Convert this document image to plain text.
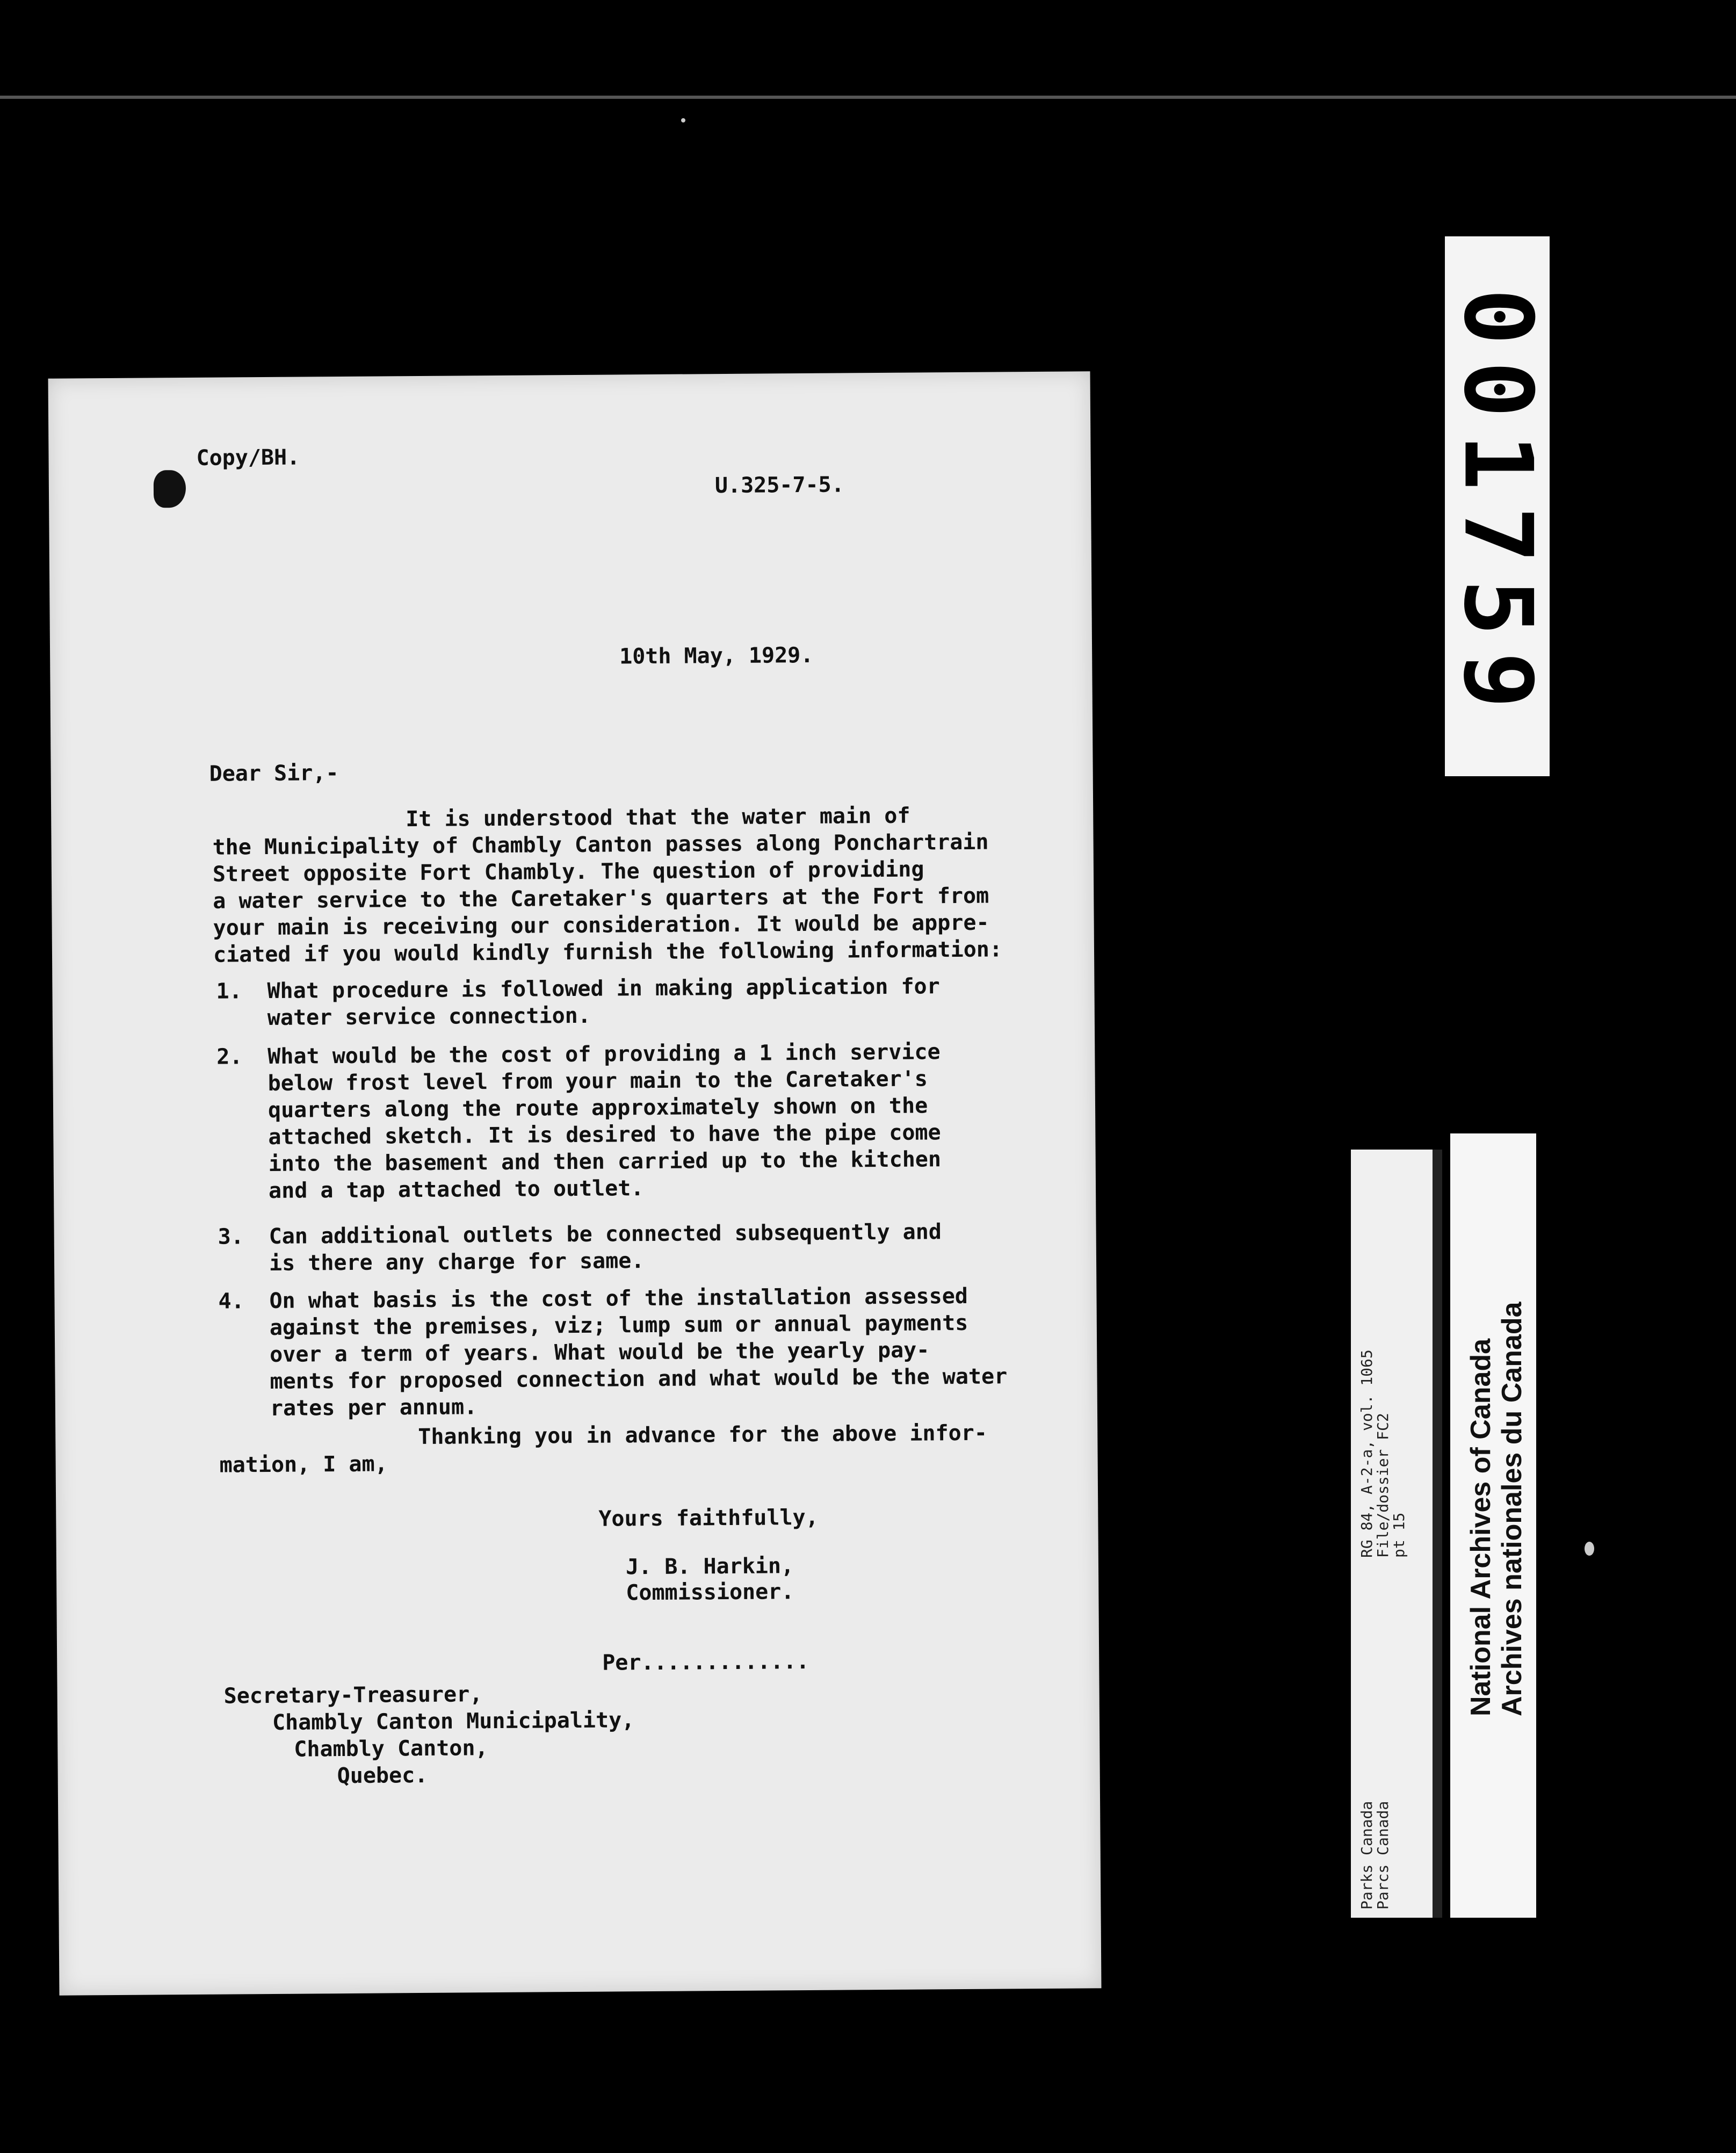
Copy/BH.
U.325-7-5.
10th May, 1929.
Dear Sir,-
It is understood that the water main of
the Municipality of Chambly Canton passes along Ponchartrain
Street opposite Fort Chambly. The question of providing
a water service to the Caretaker's quarters at the Fort from
your main is receiving our consideration. It would be appre-
ciated if you would kindly furnish the following information:
1. What procedure is followed in making application for
water service connection.
2. What would be the cost of providing a 1 inch service
below frost level from your main to the Caretaker's
quarters along the route approximately shown on the
attached sketch. It is desired to have the pipe come
into the basement and then carried up to the kitchen
and a tap attached to outlet.
3. Can additional outlets be connected subsequently and
is there any charge for same.
4. On what basis is the cost of the installation assessed
against the premises, viz; lump sum or annual payments
over a term of years. What would be the yearly pay-
ments for proposed connection and what would be the water
rates per annum.
Thanking you in advance for the above infor-
mation, I am,
Yours faithfully,
J. B. Harkin,
Commissioner.
Per.............
Secretary-Treasurer,
Chambly Canton Municipality,
Chambly Canton,
Quebec.
001759
RG 84, A-2-a, vol. 1065
File/dossier FC2
pt 15
Parks Canada
Parcs Canada
National Archives of Canada Archives nationales du Canada
